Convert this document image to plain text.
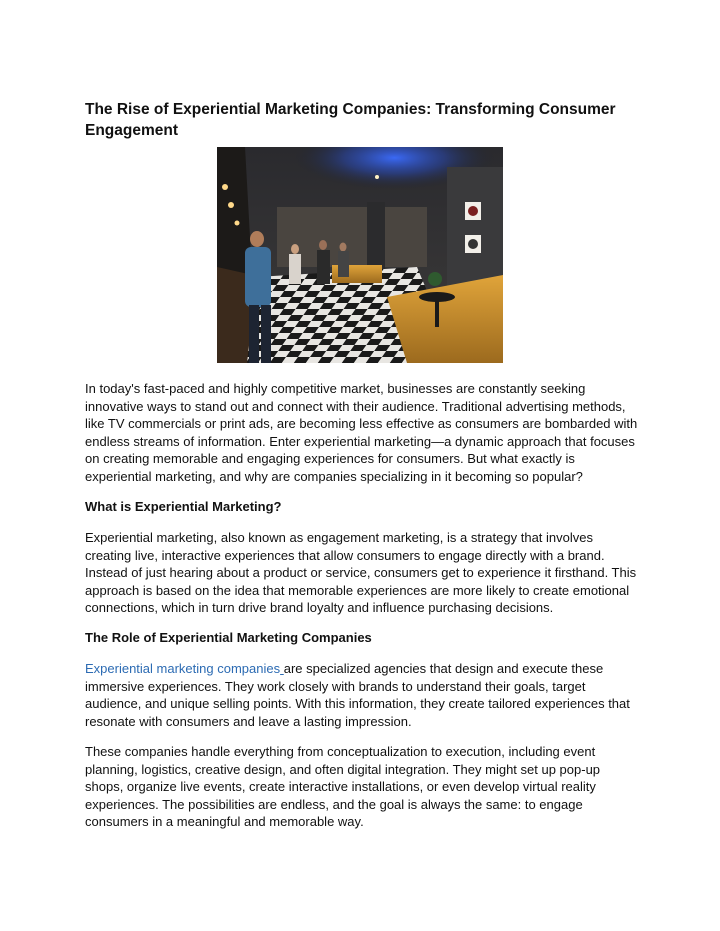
The Rise of Experiential Marketing Companies: Transforming Consumer Engagement

In today's fast-paced and highly competitive market, businesses are constantly seeking innovative ways to stand out and connect with their audience. Traditional advertising methods, like TV commercials or print ads, are becoming less effective as consumers are bombarded with endless streams of information. Enter experiential marketing—a dynamic approach that focuses on creating memorable and engaging experiences for consumers. But what exactly is experiential marketing, and why are companies specializing in it becoming so popular?

What is Experiential Marketing?

Experiential marketing, also known as engagement marketing, is a strategy that involves creating live, interactive experiences that allow consumers to engage directly with a brand. Instead of just hearing about a product or service, consumers get to experience it firsthand. This approach is based on the idea that memorable experiences are more likely to create emotional connections, which in turn drive brand loyalty and influence purchasing decisions.

The Role of Experiential Marketing Companies

Experiential marketing companies are specialized agencies that design and execute these immersive experiences. They work closely with brands to understand their goals, target audience, and unique selling points. With this information, they create tailored experiences that resonate with consumers and leave a lasting impression.

These companies handle everything from conceptualization to execution, including event planning, logistics, creative design, and often digital integration. They might set up pop-up shops, organize live events, create interactive installations, or even develop virtual reality experiences. The possibilities are endless, and the goal is always the same: to engage consumers in a meaningful and memorable way.
